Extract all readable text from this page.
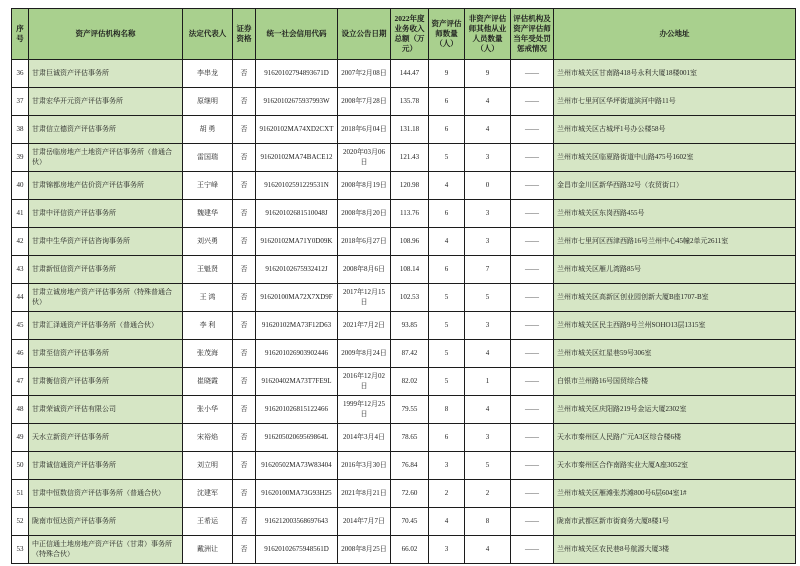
序号	资产评估机构名称	法定代表人	证券资格	统一社会信用代码	设立公告日期	2022年度业务收入总额（万元）	资产评估师数量（人）	非资产评估师其他从业人员数量（人）	评估机构及资产评估师当年受处罚惩戒情况	办公地址
36	甘肃巨诚资产评估事务所	李串龙	否	91620102794893671D	2007年2月08日	144.47	9	9	——	兰州市城关区甘南路418号永利大厦18楼001室
37	甘肃宏华开元资产评估事务所	原继明	否	91620102675937993W	2008年7月28日	135.78	6	4	——	兰州市七里河区华坪街道滨河中路11号
38	甘肃信立德资产评估事务所	胡 勇	否	91620102MA74XD2CXT	2018年6月04日	131.18	6	4	——	兰州市城关区古城坪1号办公楼58号
39	甘肃岳临房地产土地资产评估事务所（普通合伙）	雷国瑞	否	91620102MA74BACE12	2020年03月06日	121.43	5	3	——	兰州市城关区临夏路街道中山路475号1602室
40	甘肃锦都房地产估价资产评估事务所	王宁峰	否	91620102591229531N	2008年8月19日	120.98	4	0	——	金昌市金川区新华西路32号（农贸街口）
41	甘肃中评信资产评估事务所	魏建华	否	91620102681510048J	2008年8月20日	113.76	6	3	——	兰州市城关区东岗西路455号
42	甘肃中生华资产评估咨询事务所	刘兴勇	否	91620102MA71Y0D09K	2018年6月27日	108.96	4	3	——	兰州市七里河区西津西路16号兰州中心45幢2单元2611室
43	甘肃新恒信资产评估事务所	王魁贤	否	91620102675932412J	2008年8月6日	108.14	6	7	——	兰州市城关区雁儿湾路85号
44	甘肃立诚房地产资产评估事务所（特殊普通合伙）	王 鸿	否	91620100MA72X7XD9F	2017年12月15日	102.53	5	5	——	兰州市城关区高新区创业园创新大厦B座1707-B室
45	甘肃汇泽通资产评估事务所（普通合伙）	李 利	否	91620102MA73F12D63	2021年7月2日	93.85	5	3	——	兰州市城关区民主西路9号兰州SOHO13层1315室
46	甘肃至信资产评估事务所	张茂海	否	916201026903902446	2009年8月24日	87.42	5	4	——	兰州市城关区红星巷59号306室
47	甘肃衡信资产评估事务所	崔晓霞	否	91620402MA73T7FE9L	2016年12月02日	82.02	5	1	——	白银市兰州路16号国贸综合楼
48	甘肃荣诚资产评估有限公司	张小华	否	916201026815122466	1999年12月25日	79.55	8	4	——	兰州市城关区庆阳路219号金运大厦2302室
49	天水立新资产评估事务所	宋裕焰	否	91620502069569864L	2014年3月4日	78.65	6	3	——	天水市秦州区人民路广元A3区综合楼6楼
50	甘肃诚信通资产评估事务所	刘立明	否	91620502MA73W83404	2016年3月30日	76.84	3	5	——	天水市秦州区合作南路实业大厦A座3052室
51	甘肃中恒数信资产评估事务所（普通合伙）	沈建军	否	91620100MA73G93H25	2021年8月21日	72.60	2	2	——	兰州市城关区雁滩张苏滩800号6层604室1#
52	陇南市恒达资产评估事务所	王希运	否	916212003568697643	2014年7月7日	70.45	4	8	——	陇南市武都区新市街商务大厦8楼1号
53	中正信通土地房地产资产评估（甘肃）事务所（特殊合伙）	戴洲让	否	91620102675948561D	2008年8月25日	66.02	3	4	——	兰州市城关区农民巷8号航源大厦3楼
